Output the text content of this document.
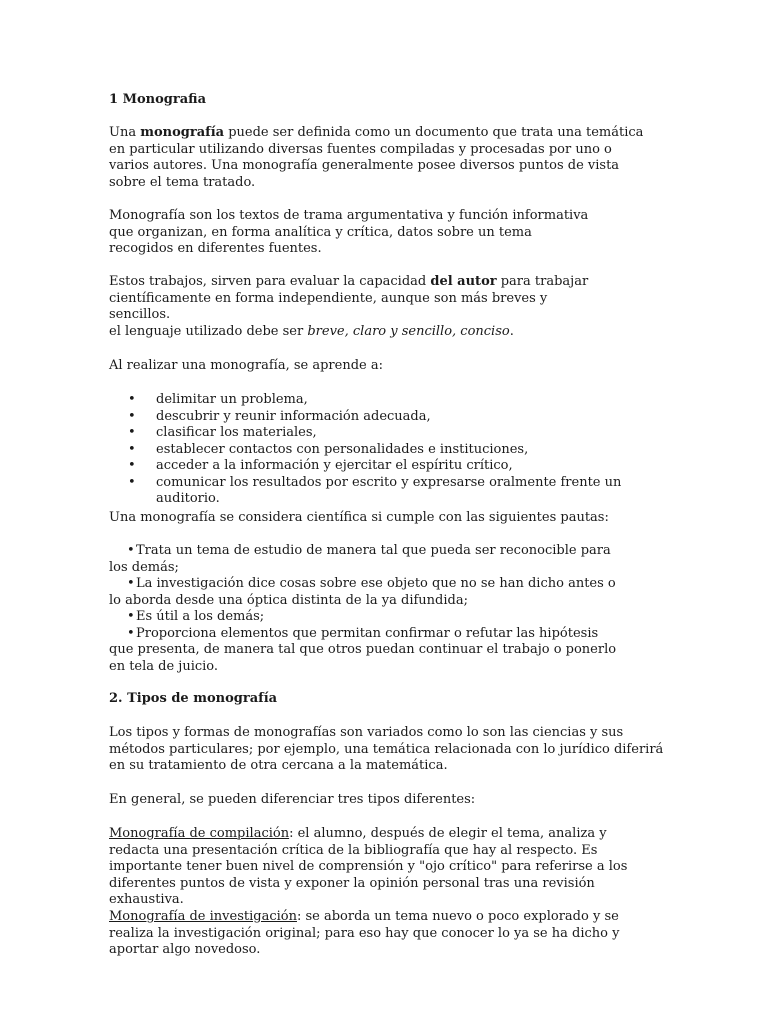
1 Monografia

Una monografía puede ser definida como un documento que trata una temática en particular utilizando diversas fuentes compiladas y procesadas por uno o varios autores. Una monografía generalmente posee diversos puntos de vista sobre el tema tratado.

Monografía son los textos de trama argumentativa y función informativa que organizan, en forma analítica y crítica, datos sobre un tema recogidos en diferentes fuentes.

Estos trabajos, sirven para evaluar la capacidad del autor para trabajar científicamente en forma independiente, aunque son más breves y sencillos.

el lenguaje utilizado debe ser breve, claro y sencillo, conciso.

Al realizar una monografía, se aprende a:

• delimitar un problema,
• descubrir y reunir información adecuada,
• clasificar los materiales,
• establecer contactos con personalidades e instituciones,
• acceder a la información y ejercitar el espíritu crítico,
• comunicar los resultados por escrito y expresarse oralmente frente un auditorio.

Una monografía se considera científica si cumple con las siguientes pautas:

•Trata un tema de estudio de manera tal que pueda ser reconocible para los demás;
•La investigación dice cosas sobre ese objeto que no se han dicho antes o lo aborda desde una óptica distinta de la ya difundida;
•Es útil a los demás;
•Proporciona elementos que permitan confirmar o refutar las hipótesis que presenta, de manera tal que otros puedan continuar el trabajo o ponerlo en tela de juicio.

2. Tipos de monografía

Los tipos y formas de monografías son variados como lo son las ciencias y sus métodos particulares; por ejemplo, una temática relacionada con lo jurídico diferirá en su tratamiento de otra cercana a la matemática.

En general, se pueden diferenciar tres tipos diferentes:

Monografía de compilación: el alumno, después de elegir el tema, analiza y redacta una presentación crítica de la bibliografía que hay al respecto. Es importante tener buen nivel de comprensión y "ojo crítico" para referirse a los diferentes puntos de vista y exponer la opinión personal tras una revisión exhaustiva.

Monografía de investigación: se aborda un tema nuevo o poco explorado y se realiza la investigación original; para eso hay que conocer lo ya se ha dicho y aportar algo novedoso.
